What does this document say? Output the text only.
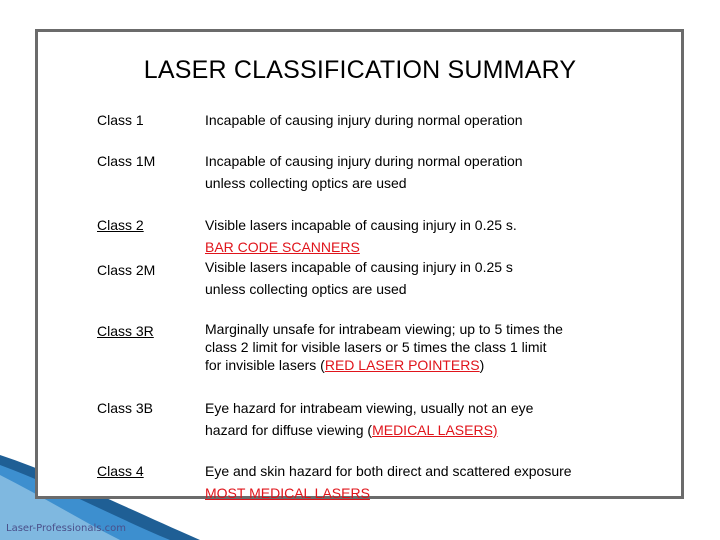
LASER CLASSIFICATION SUMMARY
Class 1	Incapable of causing injury during normal operation
Class 1M	Incapable of causing injury during normal operation
unless collecting optics are used
Class 2	Visible lasers incapable of causing injury in 0.25 s.
BAR CODE SCANNERS
Class 2M	Visible lasers incapable of causing injury in 0.25 s
unless collecting optics are used
Class 3R	Marginally unsafe for intrabeam viewing; up to 5 times the
class 2 limit for visible lasers or 5 times the class 1 limit
for invisible lasers (RED LASER POINTERS)
Class 3B	Eye hazard for intrabeam viewing, usually not an eye
hazard for diffuse viewing (MEDICAL LASERS)
Class 4	Eye and skin hazard for both direct and scattered exposure
MOST MEDICAL LASERS
Laser-Professionals.com
